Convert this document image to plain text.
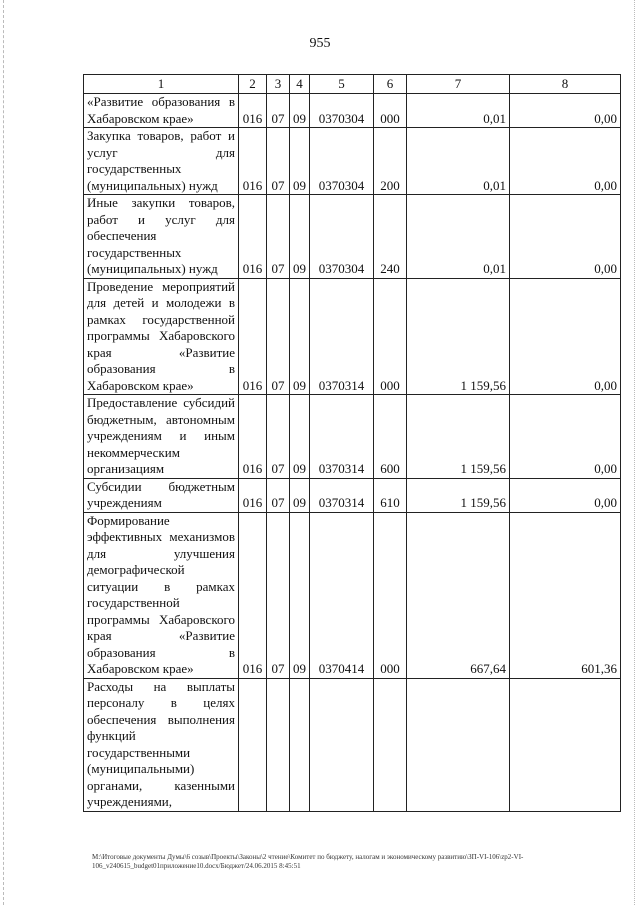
955
1	2	3	4	5	6	7	8
«Развитие образования в Хабаровском крае»	016	07	09	0370304	000	0,01	0,00
Закупка товаров, работ и услуг для государственных (муниципальных) нужд	016	07	09	0370304	200	0,01	0,00
Иные закупки товаров, работ и услуг для обеспечения государственных (муниципальных) нужд	016	07	09	0370304	240	0,01	0,00
Проведение мероприятий для детей и молодежи в рамках государственной программы Хабаровского края «Развитие образования в Хабаровском крае»	016	07	09	0370314	000	1 159,56	0,00
Предоставление субсидий бюджетным, автономным учреждениям и иным некоммерческим организациям	016	07	09	0370314	600	1 159,56	0,00
Субсидии бюджетным учреждениям	016	07	09	0370314	610	1 159,56	0,00
Формирование эффективных механизмов для улучшения демографической ситуации в рамках государственной программы Хабаровского края «Развитие образования в Хабаровском крае»	016	07	09	0370414	000	667,64	601,36
Расходы на выплаты персоналу в целях обеспечения выполнения функций государственными (муниципальными) органами, казенными учреждениями,							
M:\Итоговые документы Думы\6 созыв\Проекты\Законы\2 чтение\Комитет по бюджету, налогам и экономическому развитию\ЗП-VI-106\zp2-VI-
106_v240615_budget01приложение10.docx/Бюджет/24.06.2015 8:45:51
